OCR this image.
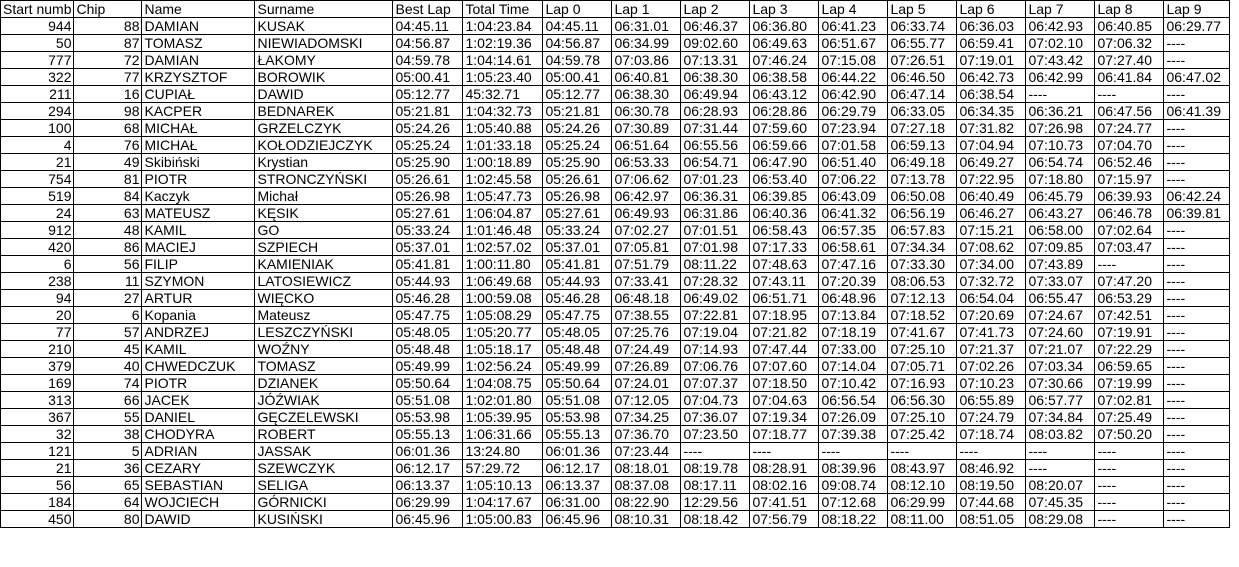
Start numb	Chip	Name	Surname	Best Lap	Total Time	Lap 0	Lap 1	Lap 2	Lap 3	Lap 4	Lap 5	Lap 6	Lap 7	Lap 8	Lap 9
944	88	DAMIAN	KUSAK	04:45.11	1:04:23.84	04:45.11	06:31.01	06:46.37	06:36.80	06:41.23	06:33.74	06:36.03	06:42.93	06:40.85	06:29.77
50	87	TOMASZ	NIEWIADOMSKI	04:56.87	1:02:19.36	04:56.87	06:34.99	09:02.60	06:49.63	06:51.67	06:55.77	06:59.41	07:02.10	07:06.32	----
777	72	DAMIAN	ŁAKOMY	04:59.78	1:04:14.61	04:59.78	07:03.86	07:13.31	07:46.24	07:15.08	07:26.51	07:19.01	07:43.42	07:27.40	----
322	77	KRZYSZTOF	BOROWIK	05:00.41	1:05:23.40	05:00.41	06:40.81	06:38.30	06:38.58	06:44.22	06:46.50	06:42.73	06:42.99	06:41.84	06:47.02
211	16	CUPIAŁ	DAWID	05:12.77	45:32.71	05:12.77	06:38.30	06:49.94	06:43.12	06:42.90	06:47.14	06:38.54	----	----	----
294	98	KACPER	BEDNAREK	05:21.81	1:04:32.73	05:21.81	06:30.78	06:28.93	06:28.86	06:29.79	06:33.05	06:34.35	06:36.21	06:47.56	06:41.39
100	68	MICHAŁ	GRZELCZYK	05:24.26	1:05:40.88	05:24.26	07:30.89	07:31.44	07:59.60	07:23.94	07:27.18	07:31.82	07:26.98	07:24.77	----
4	76	MICHAŁ	KOŁODZIEJCZYK	05:25.24	1:01:33.18	05:25.24	06:51.64	06:55.56	06:59.66	07:01.58	06:59.13	07:04.94	07:10.73	07:04.70	----
21	49	Skibiński	Krystian	05:25.90	1:00:18.89	05:25.90	06:53.33	06:54.71	06:47.90	06:51.40	06:49.18	06:49.27	06:54.74	06:52.46	----
754	81	PIOTR	STRONCZYŃSKI	05:26.61	1:02:45.58	05:26.61	07:06.62	07:01.23	06:53.40	07:06.22	07:13.78	07:22.95	07:18.80	07:15.97	----
519	84	Kaczyk	Michał	05:26.98	1:05:47.73	05:26.98	06:42.97	06:36.31	06:39.85	06:43.09	06:50.08	06:40.49	06:45.79	06:39.93	06:42.24
24	63	MATEUSZ	KĘSIK	05:27.61	1:06:04.87	05:27.61	06:49.93	06:31.86	06:40.36	06:41.32	06:56.19	06:46.27	06:43.27	06:46.78	06:39.81
912	48	KAMIL	GO	05:33.24	1:01:46.48	05:33.24	07:02.27	07:01.51	06:58.43	06:57.35	06:57.83	07:15.21	06:58.00	07:02.64	----
420	86	MACIEJ	SZPIECH	05:37.01	1:02:57.02	05:37.01	07:05.81	07:01.98	07:17.33	06:58.61	07:34.34	07:08.62	07:09.85	07:03.47	----
6	56	FILIP	KAMIENIAK	05:41.81	1:00:11.80	05:41.81	07:51.79	08:11.22	07:48.63	07:47.16	07:33.30	07:34.00	07:43.89	----	----
238	11	SZYMON	LATOSIEWICZ	05:44.93	1:06:49.68	05:44.93	07:33.41	07:28.32	07:43.11	07:20.39	08:06.53	07:32.72	07:33.07	07:47.20	----
94	27	ARTUR	WIĘCKO	05:46.28	1:00:59.08	05:46.28	06:48.18	06:49.02	06:51.71	06:48.96	07:12.13	06:54.04	06:55.47	06:53.29	----
20	6	Kopania	Mateusz	05:47.75	1:05:08.29	05:47.75	07:38.55	07:22.81	07:18.95	07:13.84	07:18.52	07:20.69	07:24.67	07:42.51	----
77	57	ANDRZEJ	LESZCZYŃSKI	05:48.05	1:05:20.77	05:48.05	07:25.76	07:19.04	07:21.82	07:18.19	07:41.67	07:41.73	07:24.60	07:19.91	----
210	45	KAMIL	WOŹNY	05:48.48	1:05:18.17	05:48.48	07:24.49	07:14.93	07:47.44	07:33.00	07:25.10	07:21.37	07:21.07	07:22.29	----
379	40	CHWEDCZUK	TOMASZ	05:49.99	1:02:56.24	05:49.99	07:26.89	07:06.76	07:07.60	07:14.04	07:05.71	07:02.26	07:03.34	06:59.65	----
169	74	PIOTR	DZIANEK	05:50.64	1:04:08.75	05:50.64	07:24.01	07:07.37	07:18.50	07:10.42	07:16.93	07:10.23	07:30.66	07:19.99	----
313	66	JACEK	JÓŹWIAK	05:51.08	1:02:01.80	05:51.08	07:12.05	07:04.73	07:04.63	06:56.54	06:56.30	06:55.89	06:57.77	07:02.81	----
367	55	DANIEL	GĘCZELEWSKI	05:53.98	1:05:39.95	05:53.98	07:34.25	07:36.07	07:19.34	07:26.09	07:25.10	07:24.79	07:34.84	07:25.49	----
32	38	CHODYRA	ROBERT	05:55.13	1:06:31.66	05:55.13	07:36.70	07:23.50	07:18.77	07:39.38	07:25.42	07:18.74	08:03.82	07:50.20	----
121	5	ADRIAN	JASSAK	06:01.36	13:24.80	06:01.36	07:23.44	----	----	----	----	----	----	----	----
21	36	CEZARY	SZEWCZYK	06:12.17	57:29.72	06:12.17	08:18.01	08:19.78	08:28.91	08:39.96	08:43.97	08:46.92	----	----	----
56	65	SEBASTIAN	SELIGA	06:13.37	1:05:10.13	06:13.37	08:37.08	08:17.11	08:02.16	09:08.74	08:12.10	08:19.50	08:20.07	----	----
184	64	WOJCIECH	GÓRNICKI	06:29.99	1:04:17.67	06:31.00	08:22.90	12:29.56	07:41.51	07:12.68	06:29.99	07:44.68	07:45.35	----	----
450	80	DAWID	KUSIŃSKI	06:45.96	1:05:00.83	06:45.96	08:10.31	08:18.42	07:56.79	08:18.22	08:11.00	08:51.05	08:29.08	----	----
